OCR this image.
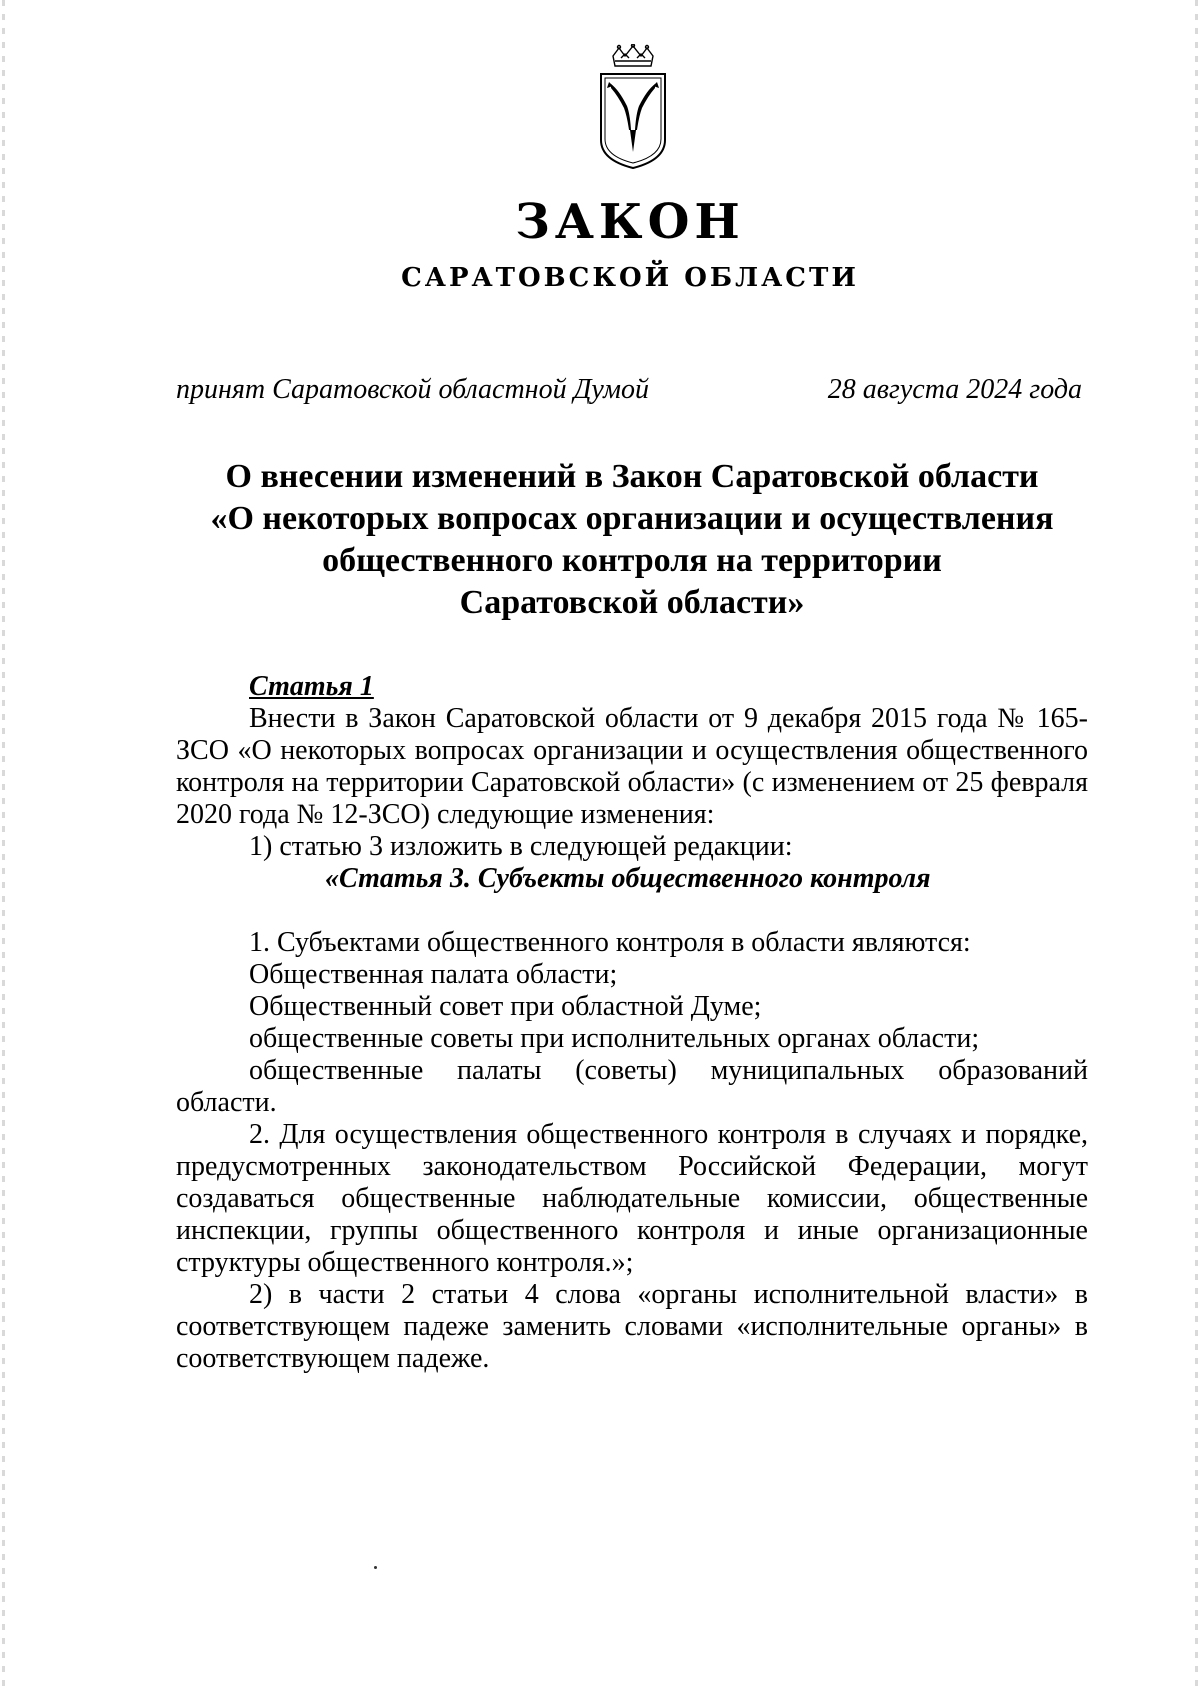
ЗАКОН
САРАТОВСКОЙ ОБЛАСТИ
принят Саратовской областной Думой	28 августа 2024 года
О внесении изменений в Закон Саратовской области
«О некоторых вопросах организации и осуществления
общественного контроля на территории
Саратовской области»

Статья 1

Внести в Закон Саратовской области от 9 декабря 2015 года № 165-ЗСО «О некоторых вопросах организации и осуществления общественного контроля на территории Саратовской области» (с изменением от 25 февраля 2020 года № 12-ЗСО) следующие изменения:

1) статью 3 изложить в следующей редакции:

«Статья 3. Субъекты общественного контроля

1. Субъектами общественного контроля в области являются:

Общественная палата области;

Общественный совет при областной Думе;

общественные советы при исполнительных органах области;

общественные палаты (советы) муниципальных образований области.

2. Для осуществления общественного контроля в случаях и порядке, предусмотренных законодательством Российской Федерации, могут создаваться общественные наблюдательные комиссии, общественные инспекции, группы общественного контроля и иные организационные структуры общественного контроля.»;

2) в части 2 статьи 4 слова «органы исполнительной власти» в соответствующем падеже заменить словами «исполнительные органы» в соответствующем падеже.
